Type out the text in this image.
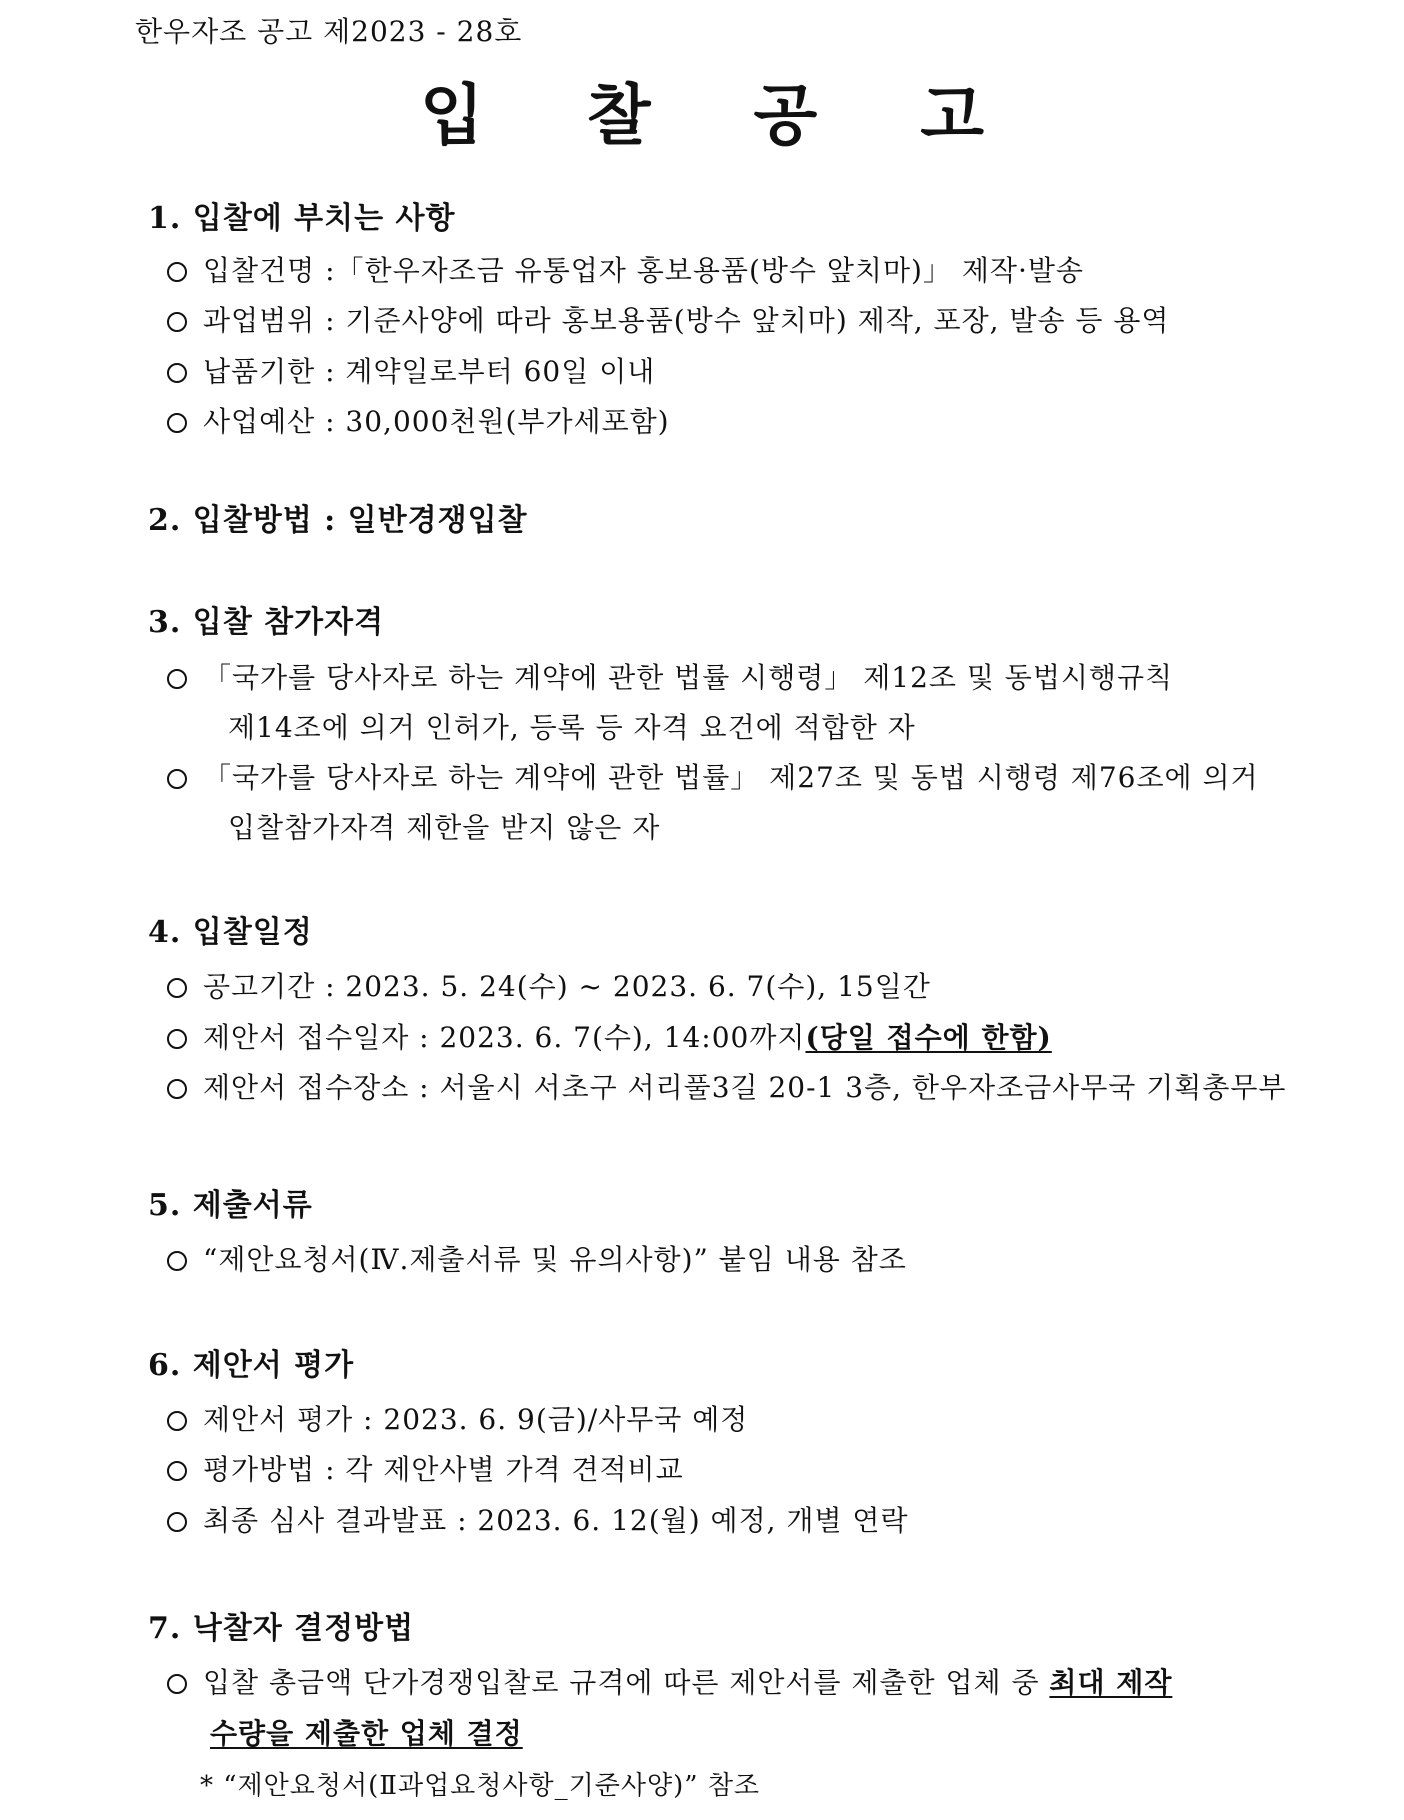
한우자조 공고 제2023 - 28호
입 찰 공 고
1. 입찰에 부치는 사항
입찰건명 :「한우자조금 유통업자 홍보용품(방수 앞치마)」 제작·발송
과업범위 : 기준사양에 따라 홍보용품(방수 앞치마) 제작, 포장, 발송 등 용역
납품기한 : 계약일로부터 60일 이내
사업예산 : 30,000천원(부가세포함)
2. 입찰방법 : 일반경쟁입찰
3. 입찰 참가자격
「국가를 당사자로 하는 계약에 관한 법률 시행령」 제12조 및 동법시행규칙
제14조에 의거 인허가, 등록 등 자격 요건에 적합한 자
「국가를 당사자로 하는 계약에 관한 법률」 제27조 및 동법 시행령 제76조에 의거
입찰참가자격 제한을 받지 않은 자
4. 입찰일정
공고기간 : 2023. 5. 24(수) ~ 2023. 6. 7(수), 15일간
제안서 접수일자 : 2023. 6. 7(수), 14:00까지(당일 접수에 한함)
제안서 접수장소 : 서울시 서초구 서리풀3길 20-1 3층, 한우자조금사무국 기획총무부
5. 제출서류
“제안요청서(Ⅳ.제출서류 및 유의사항)” 붙임 내용 참조
6. 제안서 평가
제안서 평가 : 2023. 6. 9(금)/사무국 예정
평가방법 : 각 제안사별 가격 견적비교
최종 심사 결과발표 : 2023. 6. 12(월) 예정, 개별 연락
7. 낙찰자 결정방법
입찰 총금액 단가경쟁입찰로 규격에 따른 제안서를 제출한 업체 중 최대 제작
수량을 제출한 업체 결정
* “제안요청서(Ⅱ과업요청사항_기준사양)” 참조
